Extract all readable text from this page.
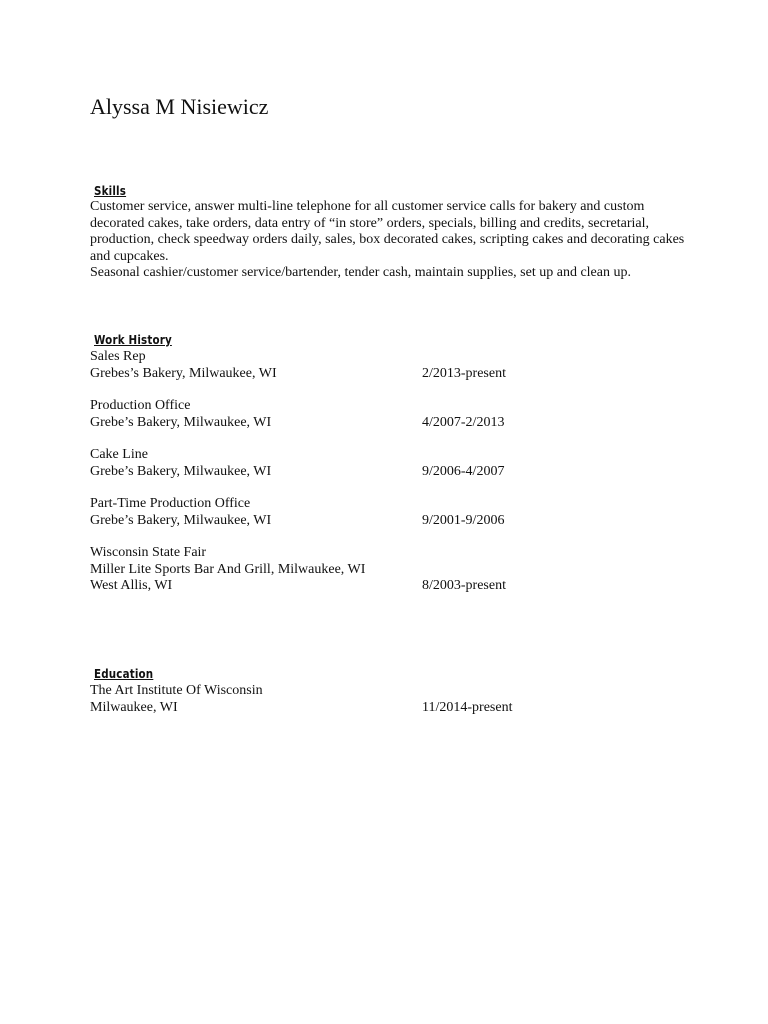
Alyssa M Nisiewicz
Skills

Customer service, answer multi-line telephone for all customer service calls for bakery and custom decorated cakes, take orders, data entry of “in store” orders, specials, billing and credits, secretarial, production, check speedway orders daily, sales, box decorated cakes, scripting cakes and decorating cakes and cupcakes.

Seasonal cashier/customer service/bartender, tender cash, maintain supplies, set up and clean up.

Work History
Sales Rep
Grebes’s Bakery, Milwaukee, WI	2/2013-present
Production Office
Grebe’s Bakery, Milwaukee, WI	4/2007-2/2013
Cake Line
Grebe’s Bakery, Milwaukee, WI	9/2006-4/2007
Part-Time Production Office
Grebe’s Bakery, Milwaukee, WI	9/2001-9/2006
Wisconsin State Fair
Miller Lite Sports Bar And Grill, Milwaukee, WI
West Allis, WI	8/2003-present
Education
The Art Institute Of Wisconsin
Milwaukee, WI	11/2014-present
